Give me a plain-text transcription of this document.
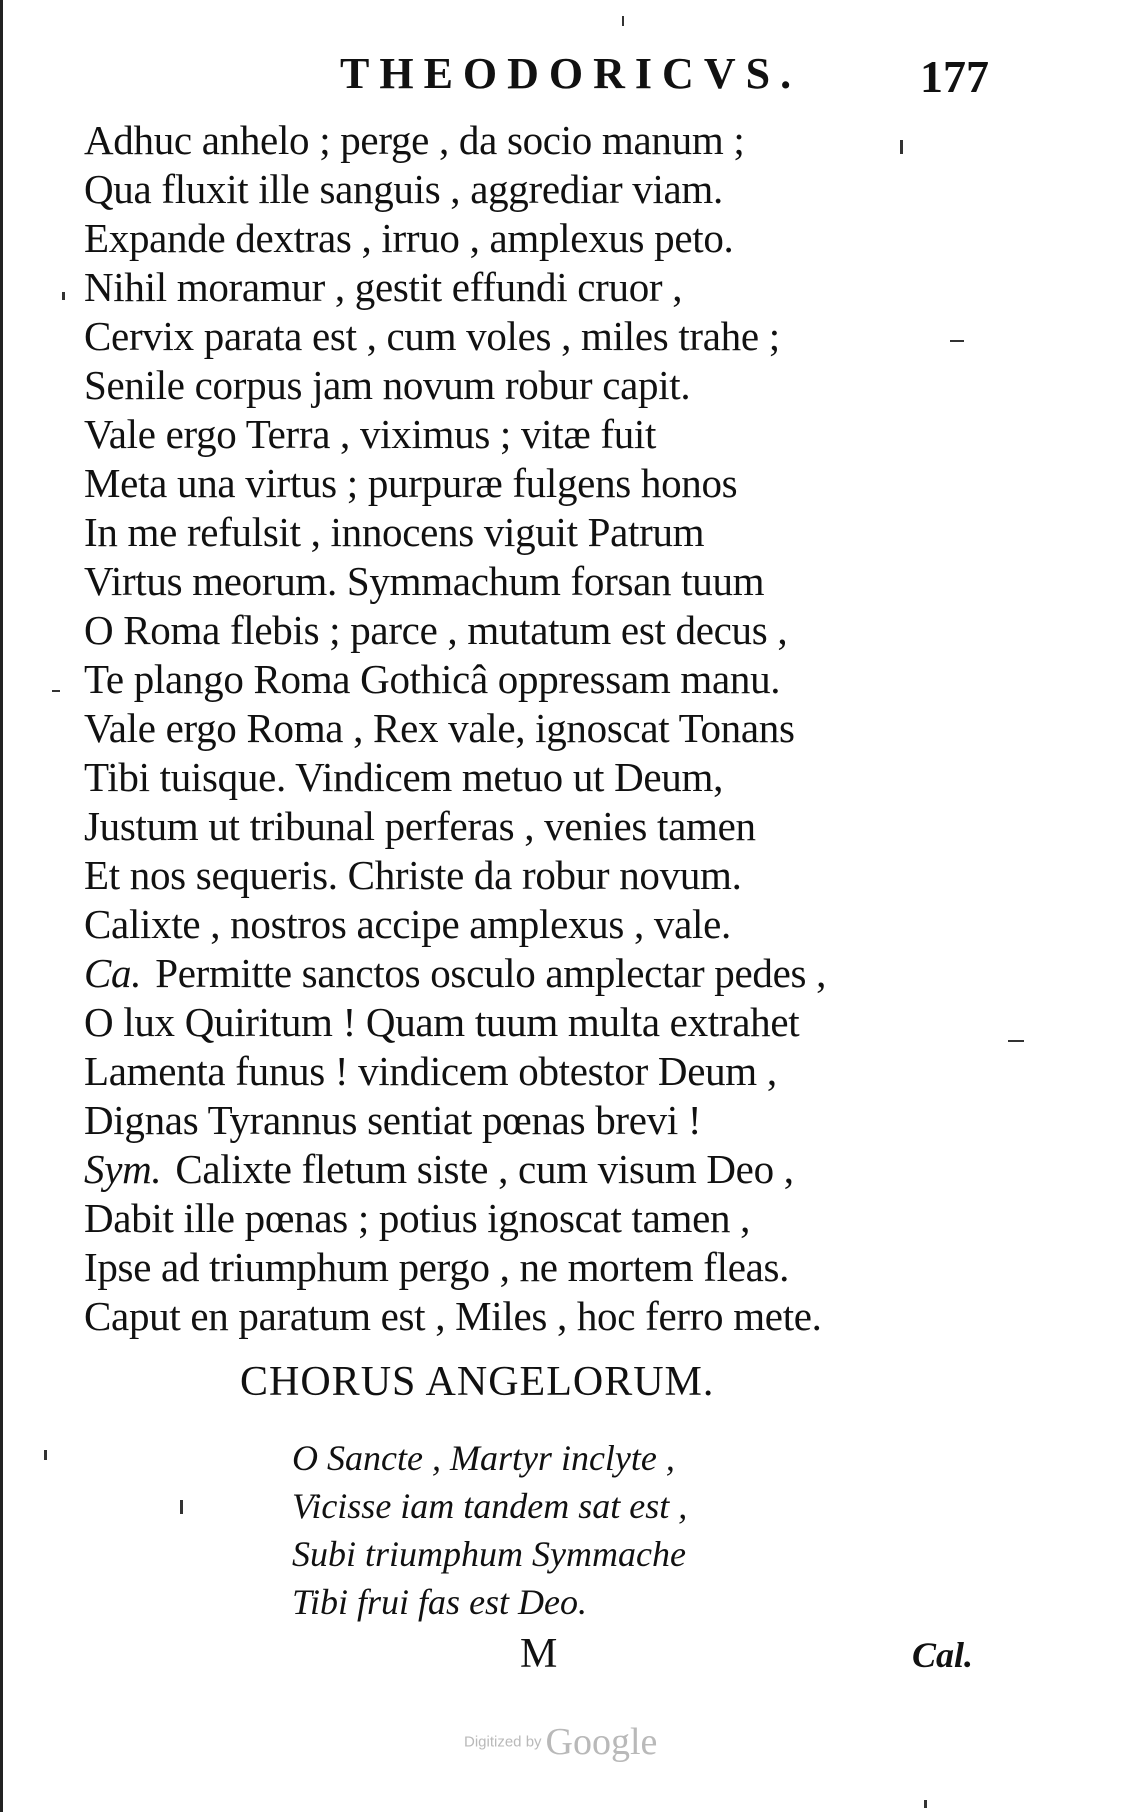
THEODORICVS.	177
Adhuc anhelo ; perge , da socio manum ;
Qua fluxit ille sanguis , aggrediar viam.
Expande dextras , irruo , amplexus peto.
Nihil moramur , gestit effundi cruor ,
Cervix parata est , cum voles , miles trahe ;
Senile corpus jam novum robur capit.
Vale ergo Terra , viximus ; vitæ fuit
Meta una virtus ; purpuræ fulgens honos
In me refulsit , innocens viguit Patrum
Virtus meorum. Symmachum forsan tuum
O Roma flebis ; parce , mutatum est decus ,
Te plango Roma Gothicâ oppressam manu.
Vale ergo Roma , Rex vale, ignoscat Tonans
Tibi tuisque. Vindicem metuo ut Deum,
Justum ut tribunal perferas , venies tamen
Et nos sequeris. Christe da robur novum.
Calixte , nostros accipe amplexus , vale.
Ca. Permitte sanctos osculo amplectar pedes ,
O lux Quiritum ! Quam tuum multa extrahet
Lamenta funus ! vindicem obtestor Deum ,
Dignas Tyrannus sentiat pœnas brevi !
Sym. Calixte fletum siste , cum visum Deo ,
Dabit ille pœnas ; potius ignoscat tamen ,
Ipse ad triumphum pergo , ne mortem fleas.
Caput en paratum est , Miles , hoc ferro mete.
CHORUS ANGELORUM.
O Sancte , Martyr inclyte ,
Vicisse iam tandem sat est ,
Subi triumphum Symmache
Tibi frui fas est Deo.
M	Cal.
Digitized by Google
